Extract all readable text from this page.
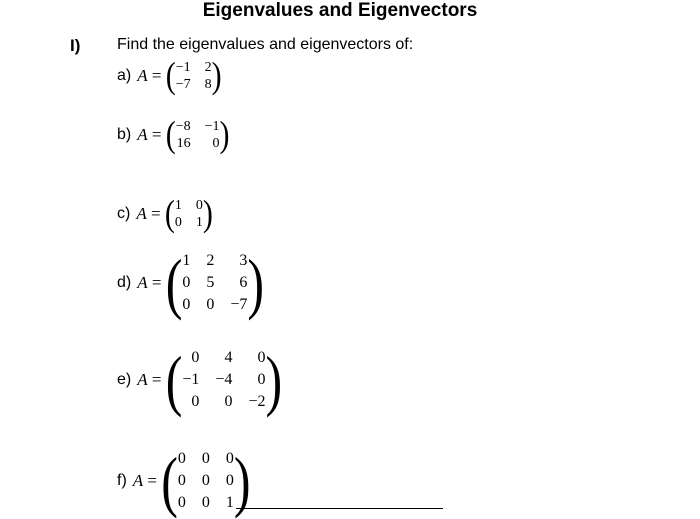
Eigenvalues and Eigenvectors
I) Find the eigenvalues and eigenvectors of:
a) A = ( −1 2
−7 8 )
b) A = ( −8 −1
16	0 )
c) A = ( 1 0
0 1 )
d) A = ( 1 2	3
0 5	6
0 0 −7 )
e) A = ( 0	4	0
−1 −4	0
0	0 −2 )
f) A = ( 0 0 0
0 0 0
0 0 1 )
